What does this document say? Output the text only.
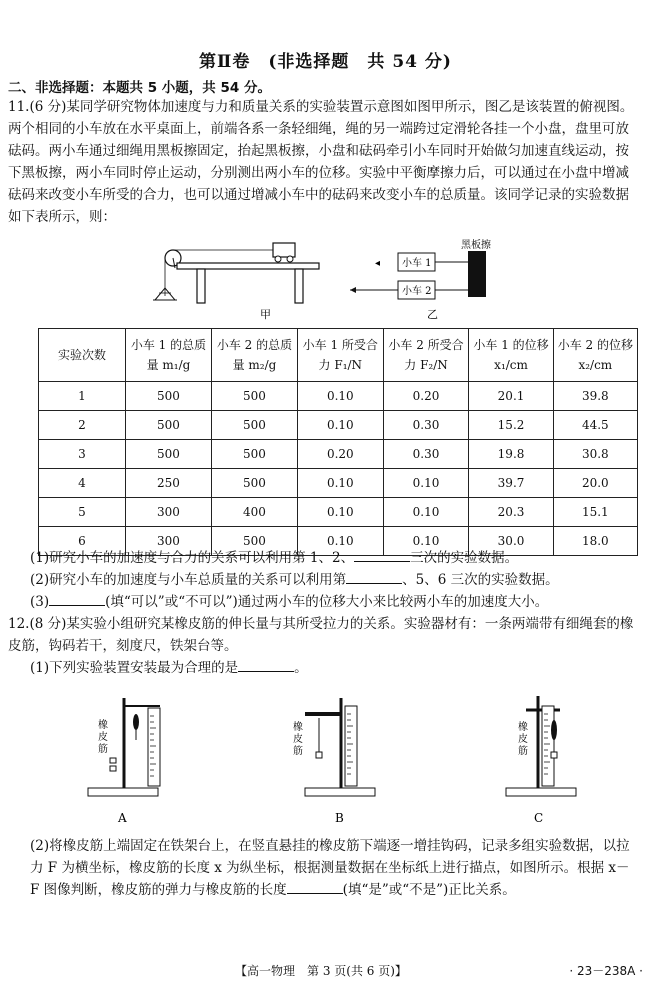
第Ⅱ卷　(非选择题　共 54 分)
二、非选择题：本题共 5 小题，共 54 分。
11.(6 分)某同学研究物体加速度与力和质量关系的实验装置示意图如图甲所示，图乙是该装置的俯视图。两个相同的小车放在水平桌面上，前端各系一条轻细绳，绳的另一端跨过定滑轮各挂一个小盘，盘里可放砝码。两小车通过细绳用黑板擦固定，抬起黑板擦，小盘和砝码牵引小车同时开始做匀加速直线运动，按下黑板擦，两小车同时停止运动，分别测出两小车的位移。实验中平衡摩擦力后，可以通过在小盘中增减砝码来改变小车所受的合力，也可以通过增减小车中的砝码来改变小车的总质量。该同学记录的实验数据如下表所示，则：
甲
◂ 小车 1
小车 2
黑板擦
乙
实验次数	小车 1 的总质量 m₁/g	小车 2 的总质量 m₂/g	小车 1 所受合力 F₁/N	小车 2 所受合力 F₂/N	小车 1 的位移 x₁/cm	小车 2 的位移 x₂/cm
1	500	500	0.10	0.20	20.1	39.8
2	500	500	0.10	0.30	15.2	44.5
3	500	500	0.20	0.30	19.8	30.8
4	250	500	0.10	0.10	39.7	20.0
5	300	400	0.10	0.10	20.3	15.1
6	300	500	0.10	0.10	30.0	18.0
(1)研究小车的加速度与合力的关系可以利用第 1、2、	三次的实验数据。
(2)研究小车的加速度与小车总质量的关系可以利用第	、5、6 三次的实验数据。
(3)	(填“可以”或“不可以”)通过两小车的位移大小来比较两小车的加速度大小。
12.(8 分)某实验小组研究某橡皮筋的伸长量与其所受拉力的关系。实验器材有：一条两端带有细绳套的橡皮筋，钩码若干，刻度尺，铁架台等。
(1)下列实验装置安装最为合理的是	。
橡
皮
筋
A
橡
皮
筋
B
橡
皮
筋
C
(2)将橡皮筋上端固定在铁架台上，在竖直悬挂的橡皮筋下端逐一增挂钩码，记录多组实验数据，以拉力 F 为横坐标，橡皮筋的长度 x 为纵坐标，根据测量数据在坐标纸上进行描点，如图所示。根据 x－F 图像判断，橡皮筋的弹力与橡皮筋的长度	(填“是”或“不是”)正比关系。
【高一物理　第 3 页(共 6 页)】	· 23－238A ·
